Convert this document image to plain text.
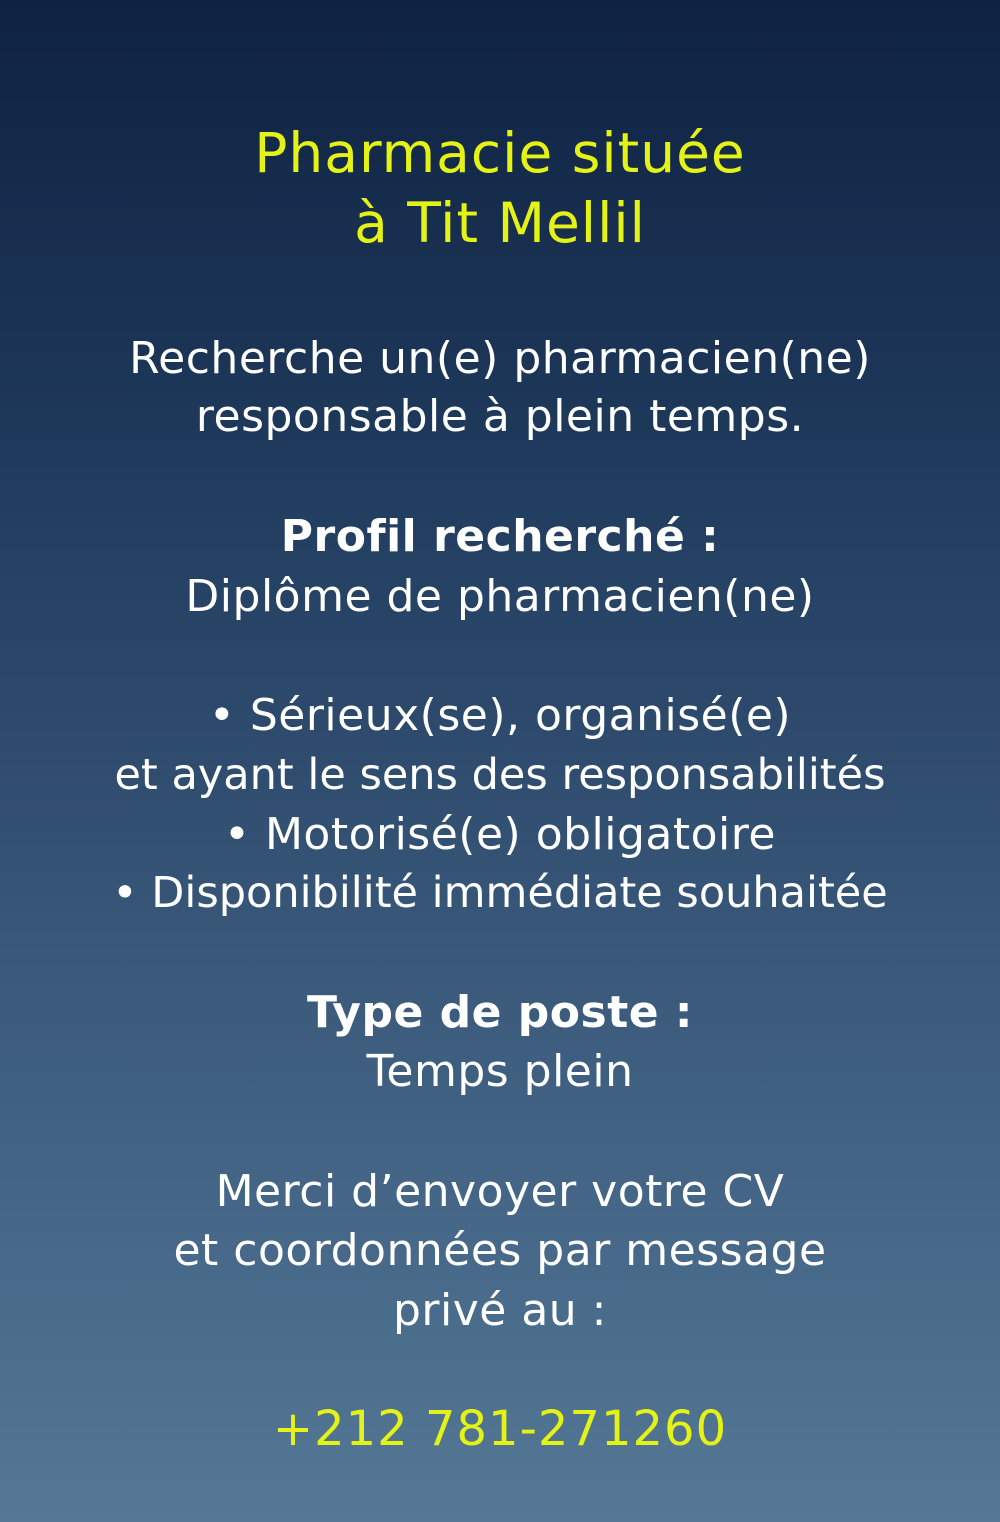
Pharmacie située
à Tit Mellil
Recherche un(e) pharmacien(ne)
responsable à plein temps.
Profil recherché :
Diplôme de pharmacien(ne)
• Sérieux(se), organisé(e)
et ayant le sens des responsabilités
• Motorisé(e) obligatoire
• Disponibilité immédiate souhaitée
Type de poste :
Temps plein
Merci d’envoyer votre CV
et coordonnées par message
privé au :
+212 781-271260
